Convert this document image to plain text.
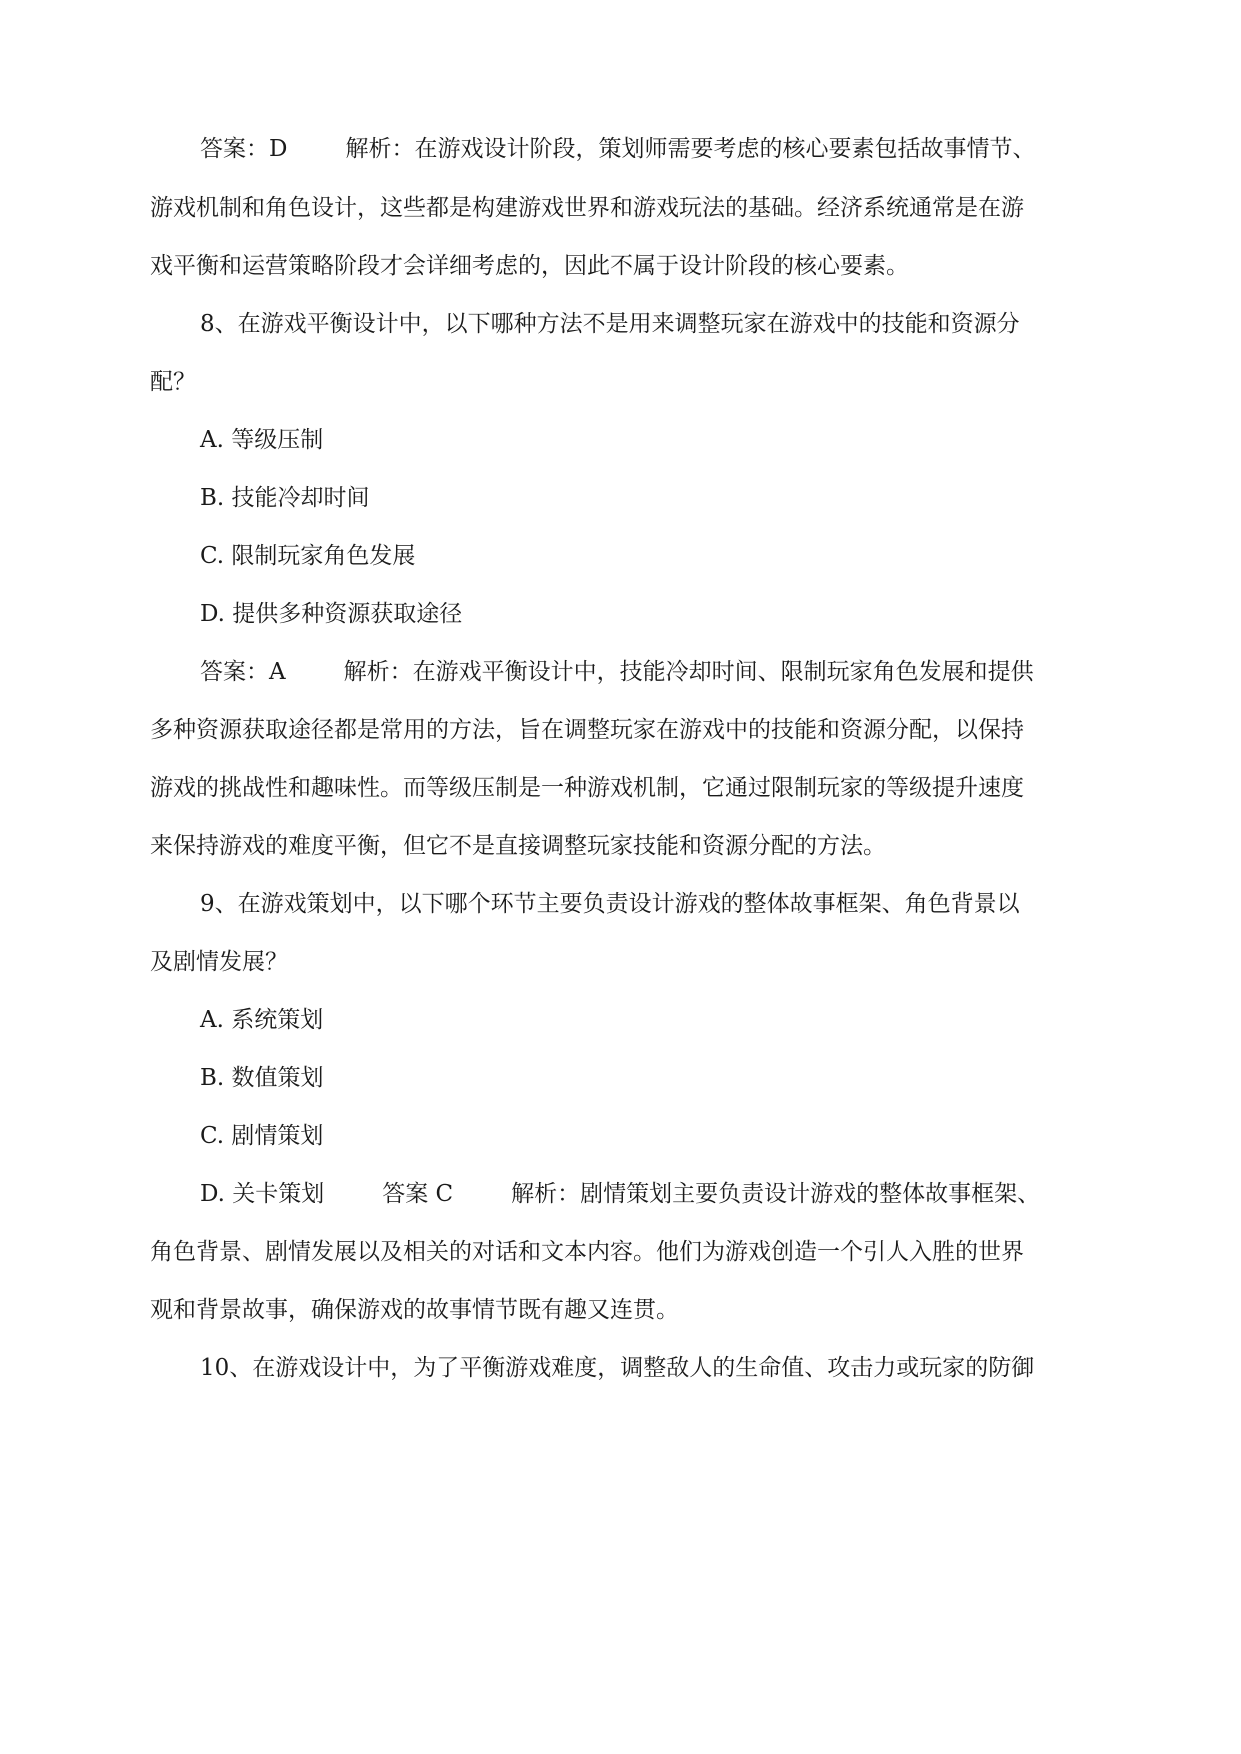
答案：D	解析：在游戏设计阶段，策划师需要考虑的核心要素包括故事情节、
游戏机制和角色设计，这些都是构建游戏世界和游戏玩法的基础。经济系统通常是在游
戏平衡和运营策略阶段才会详细考虑的，因此不属于设计阶段的核心要素。
8、在游戏平衡设计中，以下哪种方法不是用来调整玩家在游戏中的技能和资源分
配？
A. 等级压制
B. 技能冷却时间
C. 限制玩家角色发展
D. 提供多种资源获取途径
答案：A	解析：在游戏平衡设计中，技能冷却时间、限制玩家角色发展和提供
多种资源获取途径都是常用的方法，旨在调整玩家在游戏中的技能和资源分配，以保持
游戏的挑战性和趣味性。而等级压制是一种游戏机制，它通过限制玩家的等级提升速度
来保持游戏的难度平衡，但它不是直接调整玩家技能和资源分配的方法。
9、在游戏策划中，以下哪个环节主要负责设计游戏的整体故事框架、角色背景以
及剧情发展？
A. 系统策划
B. 数值策划
C. 剧情策划
D. 关卡策划	答案 C	解析：剧情策划主要负责设计游戏的整体故事框架、
角色背景、剧情发展以及相关的对话和文本内容。他们为游戏创造一个引人入胜的世界
观和背景故事，确保游戏的故事情节既有趣又连贯。
10、在游戏设计中，为了平衡游戏难度，调整敌人的生命值、攻击力或玩家的防御
